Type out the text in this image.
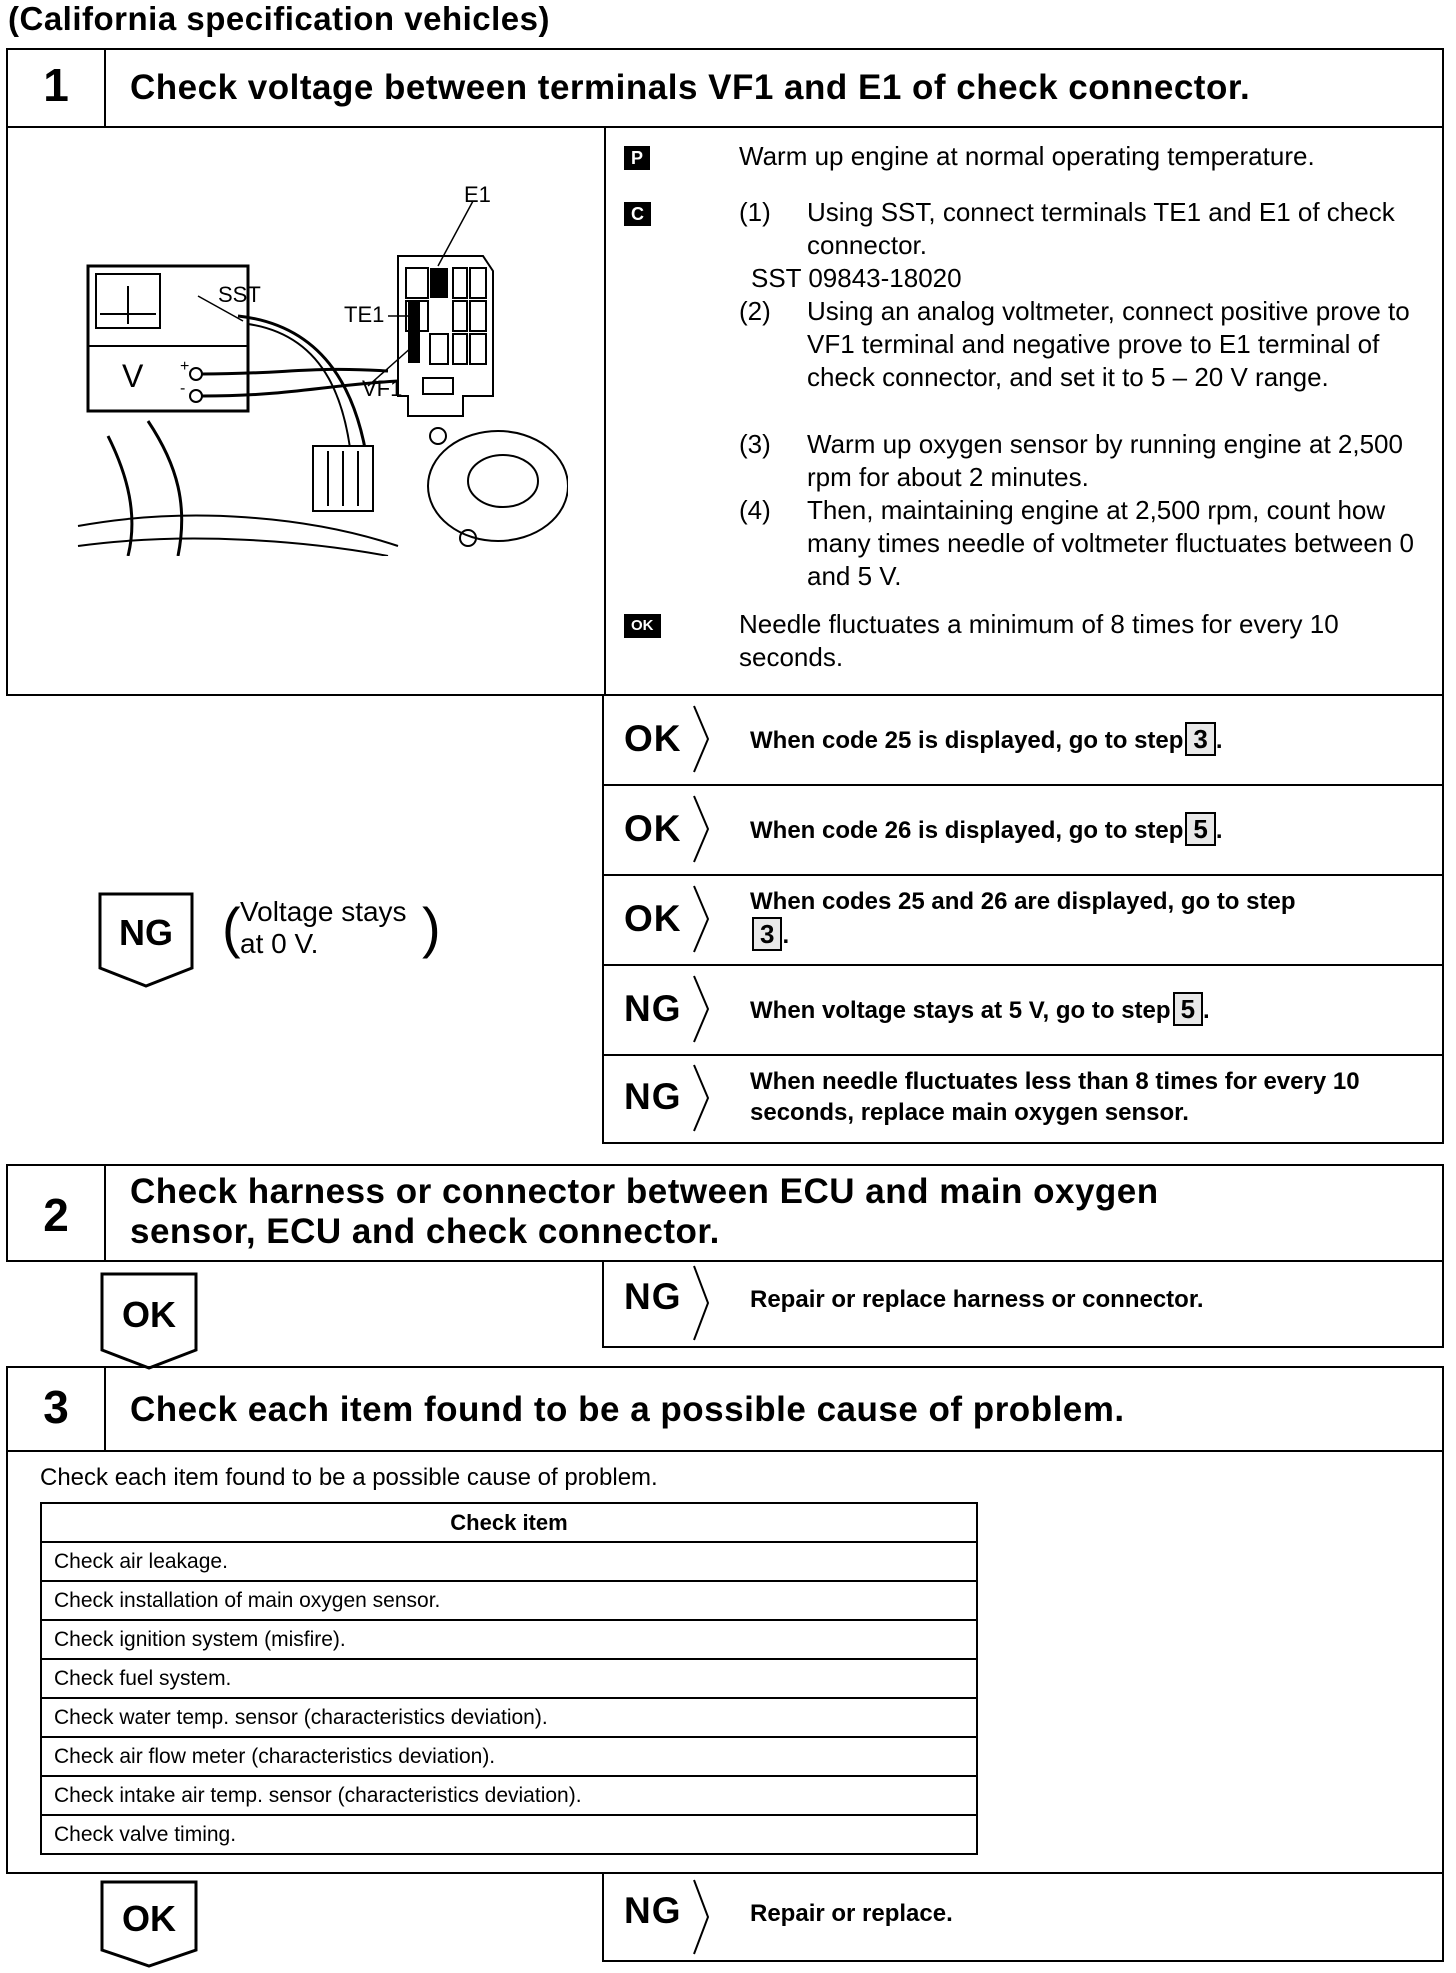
(California specification vehicles)
1	Check voltage between terminals VF1 and E1 of check connector.
E1
SST
TE1
VF1
V +
-
P	Warm up engine at normal operating temperature.
C	(1) Using SST, connect terminals TE1 and E1 of check connector.
SST 09843-18020
(2) Using an analog voltmeter, connect positive prove to VF1 terminal and negative prove to E1 terminal of check connector, and set it to 5 – 20 V range.
(3) Warm up oxygen sensor by running engine at 2,500 rpm for about 2 minutes.
(4) Then, maintaining engine at 2,500 rpm, count how many times needle of voltmeter fluctuates between 0 and 5 V.
OK	Needle fluctuates a minimum of 8 times for every 10 seconds.
OK	When code 25 is displayed, go to step 3 .
OK	When code 26 is displayed, go to step 5 .
OK	When codes 25 and 26 are displayed, go to step3 .
NG	When voltage stays at 5 V, go to step 5 .
NG	When needle fluctuates less than 8 times for every 10 seconds, replace main oxygen sensor.
NG ( Voltage stays
at 0 V. )
2	Check harness or connector between ECU and main oxygen
sensor, ECU and check connector.
OK	NG	Repair or replace harness or connector.
3	Check each item found to be a possible cause of problem.
Check each item found to be a possible cause of problem.
Check item
Check air leakage.
Check installation of main oxygen sensor.
Check ignition system (misfire).
Check fuel system.
Check water temp. sensor (characteristics deviation).
Check air flow meter (characteristics deviation).
Check intake air temp. sensor (characteristics deviation).
Check valve timing.
OK	NG	Repair or replace.
